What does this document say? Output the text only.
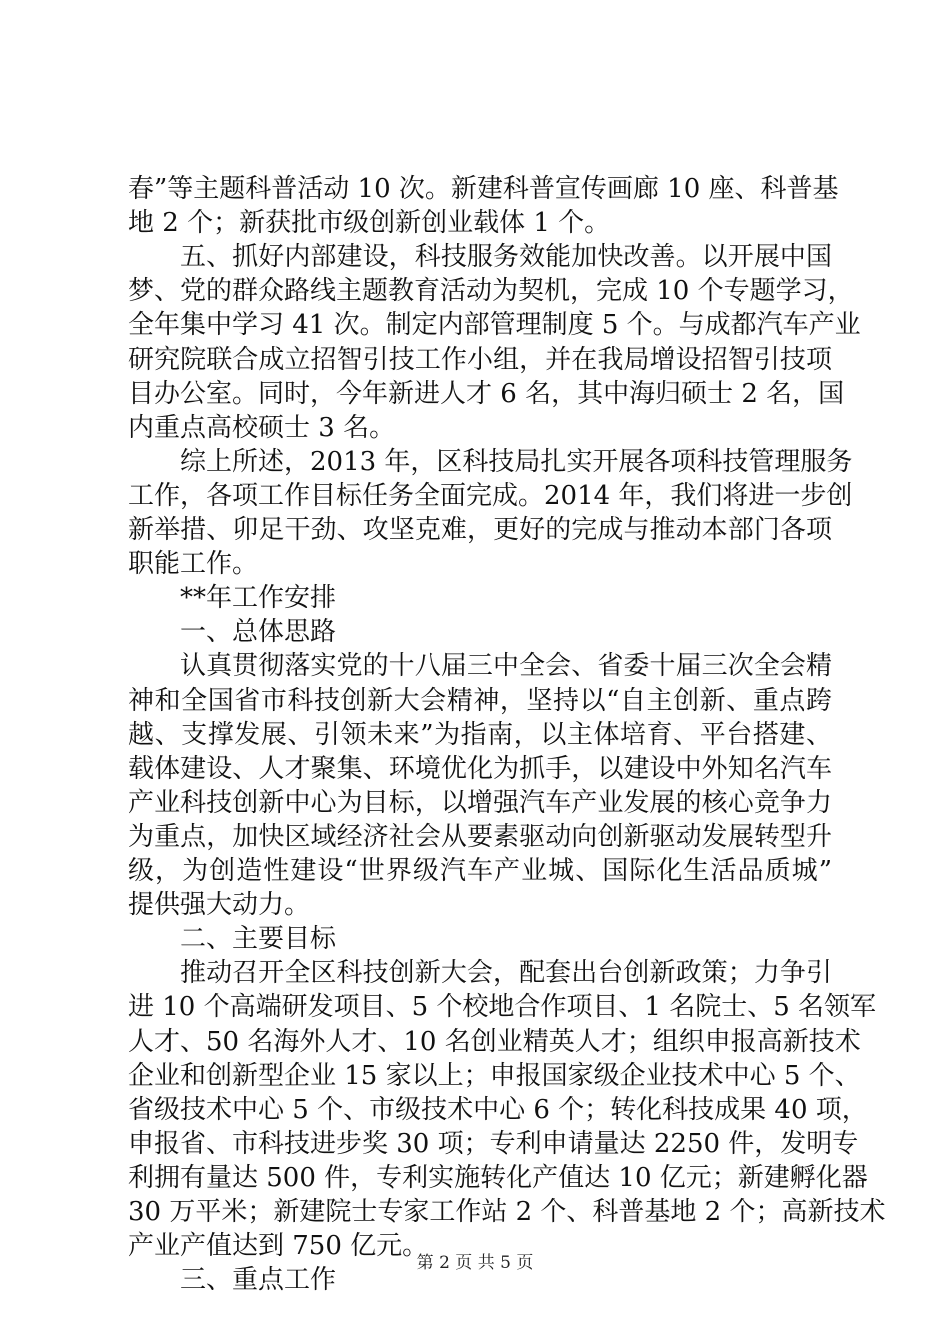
春”等主题科普活动 10 次。新建科普宣传画廊 10 座、科普基
地 2 个；新获批市级创新创业载体 1 个。
五、抓好内部建设，科技服务效能加快改善。以开展中国
梦、党的群众路线主题教育活动为契机，完成 10 个专题学习，
全年集中学习 41 次。制定内部管理制度 5 个。与成都汽车产业
研究院联合成立招智引技工作小组，并在我局增设招智引技项
目办公室。同时，今年新进人才 6 名，其中海归硕士 2 名，国
内重点高校硕士 3 名。
综上所述，2013 年，区科技局扎实开展各项科技管理服务
工作，各项工作目标任务全面完成。2014 年，我们将进一步创
新举措、卯足干劲、攻坚克难，更好的完成与推动本部门各项
职能工作。
**年工作安排
一、总体思路
认真贯彻落实党的十八届三中全会、省委十届三次全会精
神和全国省市科技创新大会精神，坚持以“自主创新、重点跨
越、支撑发展、引领未来”为指南，以主体培育、平台搭建、
载体建设、人才聚集、环境优化为抓手，以建设中外知名汽车
产业科技创新中心为目标，以增强汽车产业发展的核心竞争力
为重点，加快区域经济社会从要素驱动向创新驱动发展转型升
级，为创造性建设“世界级汽车产业城、国际化生活品质城”
提供强大动力。
二、主要目标
推动召开全区科技创新大会，配套出台创新政策；力争引
进 10 个高端研发项目、5 个校地合作项目、1 名院士、5 名领军
人才、50 名海外人才、10 名创业精英人才；组织申报高新技术
企业和创新型企业 15 家以上；申报国家级企业技术中心 5 个、
省级技术中心 5 个、市级技术中心 6 个；转化科技成果 40 项，
申报省、市科技进步奖 30 项；专利申请量达 2250 件，发明专
利拥有量达 500 件，专利实施转化产值达 10 亿元；新建孵化器
30 万平米；新建院士专家工作站 2 个、科普基地 2 个；高新技术
产业产值达到 750 亿元。
三、重点工作
第 2 页 共 5 页
